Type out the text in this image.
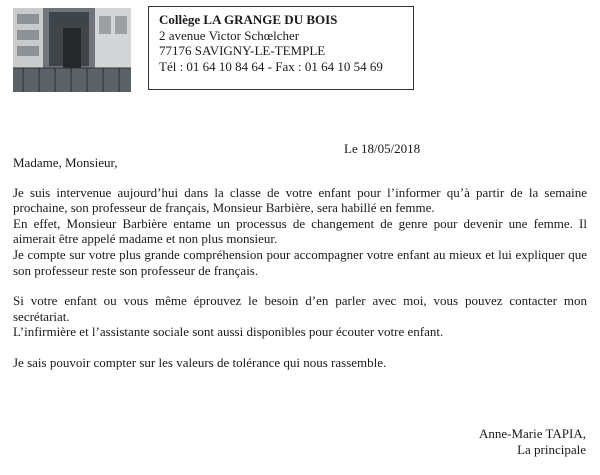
Collège LA GRANGE DU BOIS
2 avenue Victor Schœlcher
77176 SAVIGNY-LE-TEMPLE
Tél : 01 64 10 84 64 - Fax : 01 64 10 54 69
Le 18/05/2018

Madame, Monsieur,

Je suis intervenue aujourd’hui dans la classe de votre enfant pour l’informer qu’à partir de la semaine prochaine, son professeur de français, Monsieur Barbière, sera habillé en femme.

En effet, Monsieur Barbière entame un processus de changement de genre pour devenir une femme. Il aimerait être appelé madame et non plus monsieur.

Je compte sur votre plus grande compréhension pour accompagner votre enfant au mieux et lui expliquer que son professeur reste son professeur de français.

Si votre enfant ou vous même éprouvez le besoin d’en parler avec moi, vous pouvez contacter mon secrétariat.

L’infirmière et l’assistante sociale sont aussi disponibles pour écouter votre enfant.

Je sais pouvoir compter sur les valeurs de tolérance qui nous rassemble.

Anne-Marie TAPIA,
La principale
